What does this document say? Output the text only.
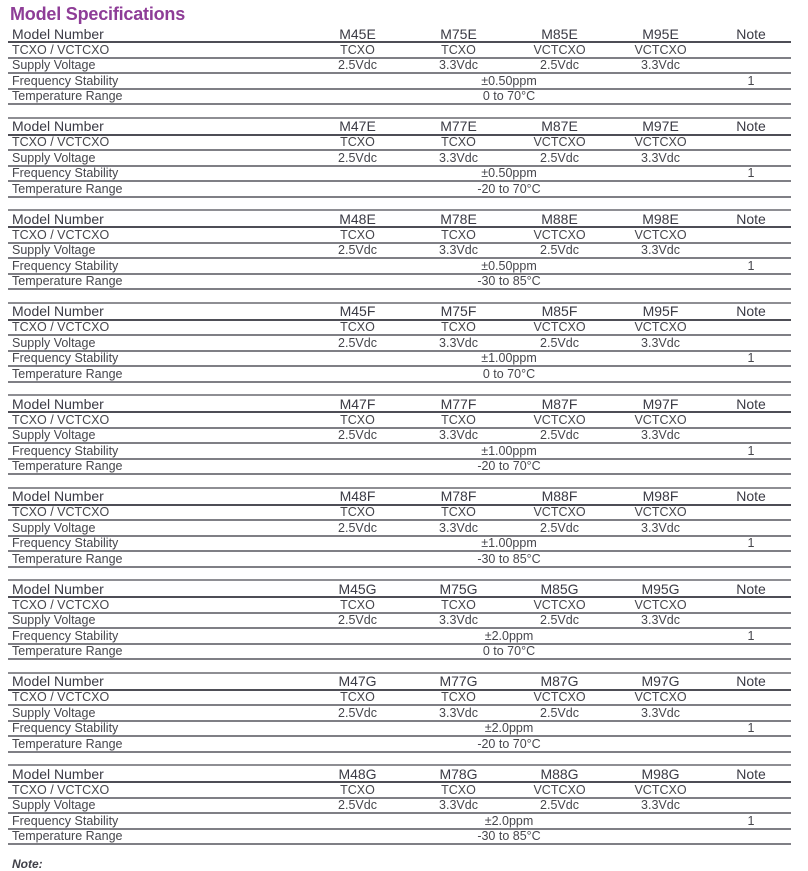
Model Specifications
Model Number	M45E	M75E	M85E	M95E	Note
TCXO / VCTCXO	TCXO	TCXO	VCTCXO	VCTCXO
Supply Voltage	2.5Vdc	3.3Vdc	2.5Vdc	3.3Vdc
Frequency Stability	±0.50ppm	1
Temperature Range	0 to 70°C
Model Number	M47E	M77E	M87E	M97E	Note
TCXO / VCTCXO	TCXO	TCXO	VCTCXO	VCTCXO
Supply Voltage	2.5Vdc	3.3Vdc	2.5Vdc	3.3Vdc
Frequency Stability	±0.50ppm	1
Temperature Range	-20 to 70°C
Model Number	M48E	M78E	M88E	M98E	Note
TCXO / VCTCXO	TCXO	TCXO	VCTCXO	VCTCXO
Supply Voltage	2.5Vdc	3.3Vdc	2.5Vdc	3.3Vdc
Frequency Stability	±0.50ppm	1
Temperature Range	-30 to 85°C
Model Number	M45F	M75F	M85F	M95F	Note
TCXO / VCTCXO	TCXO	TCXO	VCTCXO	VCTCXO
Supply Voltage	2.5Vdc	3.3Vdc	2.5Vdc	3.3Vdc
Frequency Stability	±1.00ppm	1
Temperature Range	0 to 70°C
Model Number	M47F	M77F	M87F	M97F	Note
TCXO / VCTCXO	TCXO	TCXO	VCTCXO	VCTCXO
Supply Voltage	2.5Vdc	3.3Vdc	2.5Vdc	3.3Vdc
Frequency Stability	±1.00ppm	1
Temperature Range	-20 to 70°C
Model Number	M48F	M78F	M88F	M98F	Note
TCXO / VCTCXO	TCXO	TCXO	VCTCXO	VCTCXO
Supply Voltage	2.5Vdc	3.3Vdc	2.5Vdc	3.3Vdc
Frequency Stability	±1.00ppm	1
Temperature Range	-30 to 85°C
Model Number	M45G	M75G	M85G	M95G	Note
TCXO / VCTCXO	TCXO	TCXO	VCTCXO	VCTCXO
Supply Voltage	2.5Vdc	3.3Vdc	2.5Vdc	3.3Vdc
Frequency Stability	±2.0ppm	1
Temperature Range	0 to 70°C
Model Number	M47G	M77G	M87G	M97G	Note
TCXO / VCTCXO	TCXO	TCXO	VCTCXO	VCTCXO
Supply Voltage	2.5Vdc	3.3Vdc	2.5Vdc	3.3Vdc
Frequency Stability	±2.0ppm	1
Temperature Range	-20 to 70°C
Model Number	M48G	M78G	M88G	M98G	Note
TCXO / VCTCXO	TCXO	TCXO	VCTCXO	VCTCXO
Supply Voltage	2.5Vdc	3.3Vdc	2.5Vdc	3.3Vdc
Frequency Stability	±2.0ppm	1
Temperature Range	-30 to 85°C
Note:
